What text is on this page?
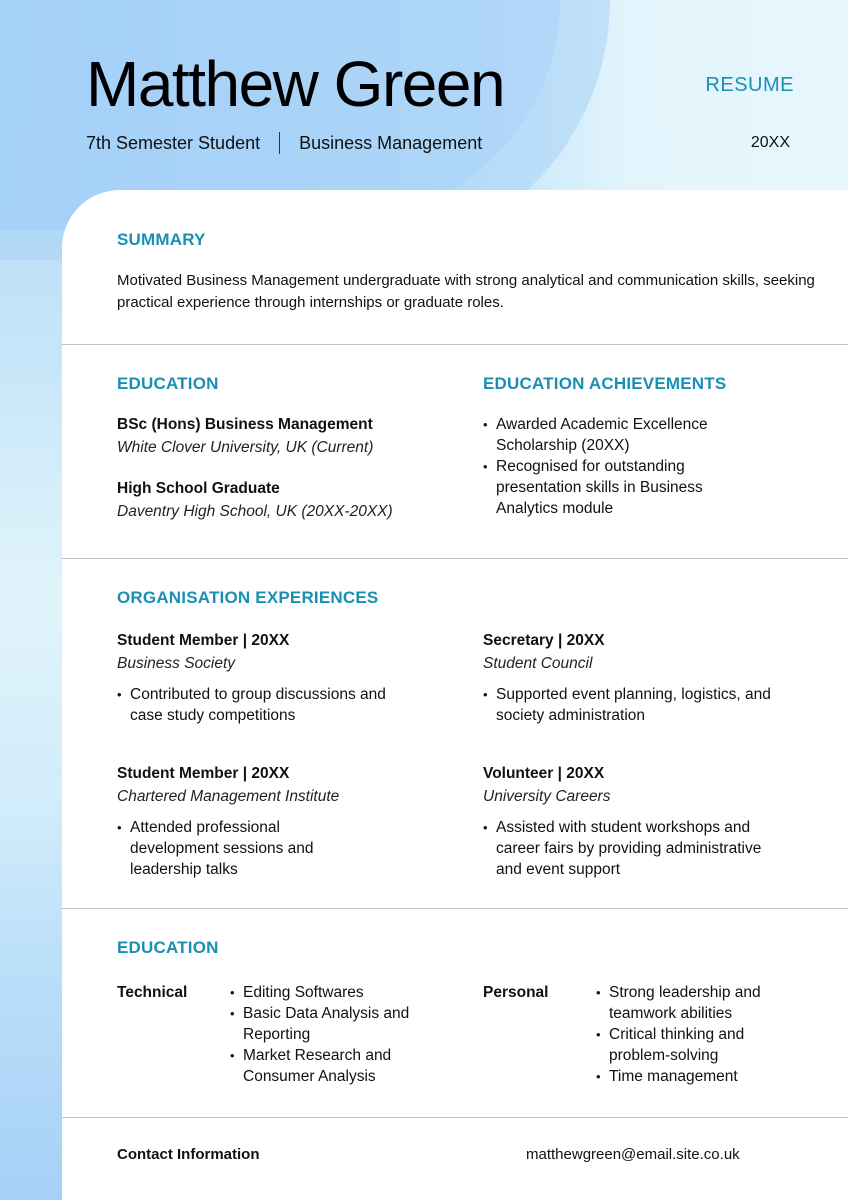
Matthew Green	RESUME
7th Semester Student Business Management	20XX
SUMMARY

Motivated Business Management undergraduate with strong analytical and communication skills, seeking practical experience through internships or graduate roles.

EDUCATION
BSc (Hons) Business Management
White Clover University, UK (Current)
High School Graduate
Daventry High School, UK (20XX-20XX)
EDUCATION ACHIEVEMENTS
• Awarded Academic Excellence Scholarship (20XX)
• Recognised for outstanding presentation skills in Business Analytics module
ORGANISATION EXPERIENCES
Student Member | 20XX
Business Society
• Contributed to group discussions and case study competitions
Secretary | 20XX
Student Council
• Supported event planning, logistics, and society administration
Student Member | 20XX
Chartered Management Institute
• Attended professional development sessions and leadership talks
Volunteer | 20XX
University Careers
• Assisted with student workshops and career fairs by providing administrative and event support
EDUCATION
Technical	• Editing Softwares
• Basic Data Analysis and Reporting
• Market Research and Consumer Analysis
Personal	• Strong leadership and teamwork abilities
• Critical thinking and problem-solving
• Time management
Contact Information	matthewgreen@email.site.co.uk
